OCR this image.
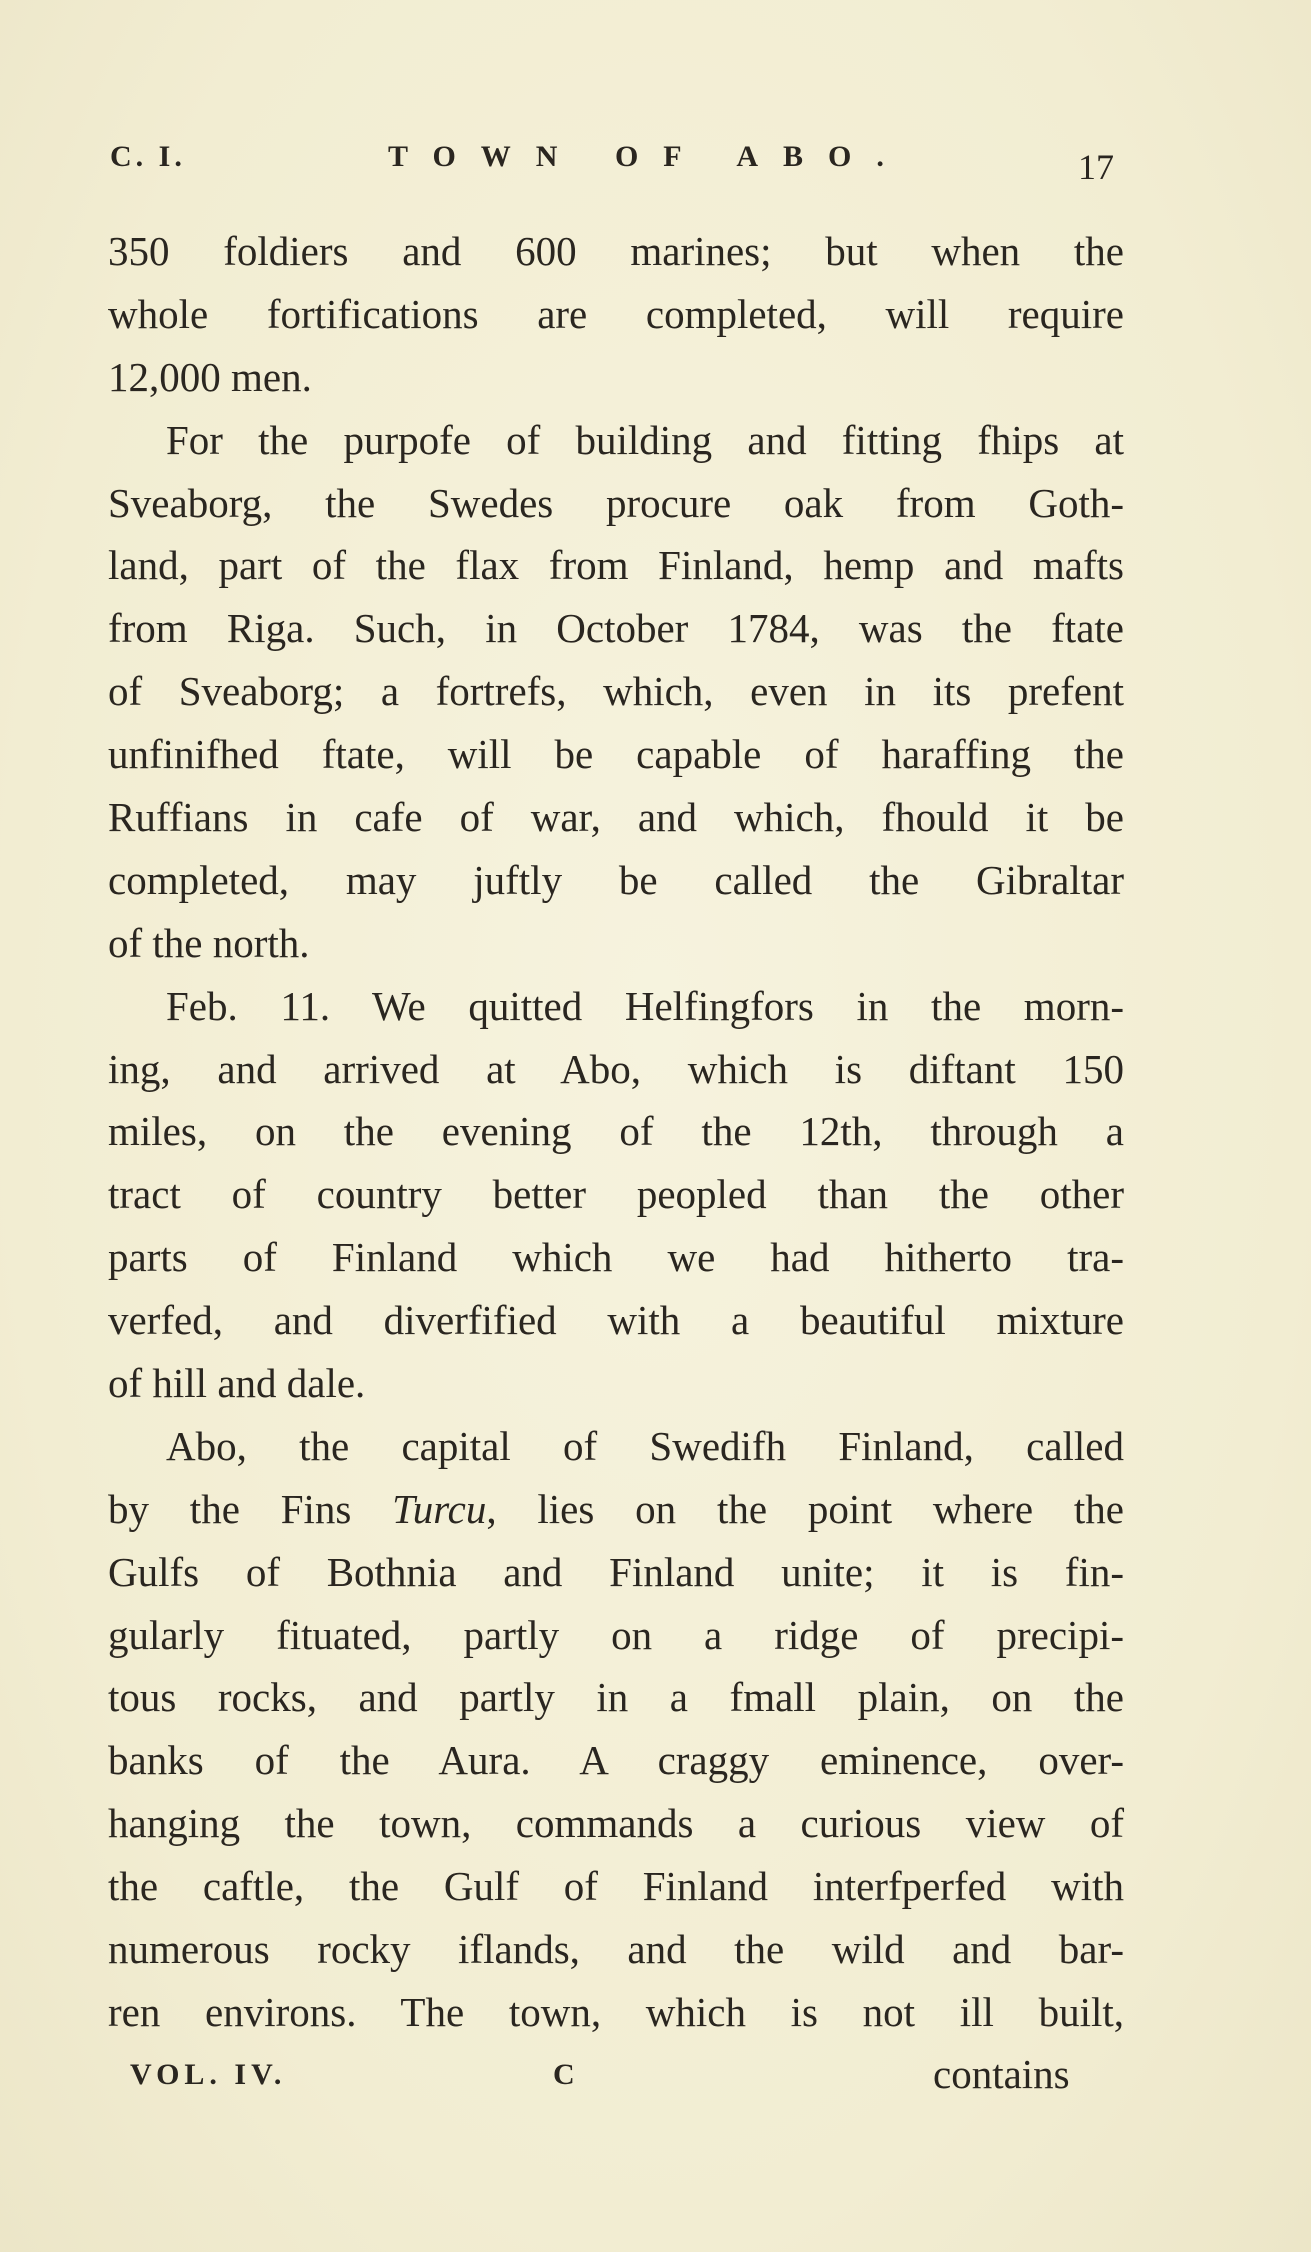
C. I.	TOWN OF ABO.	17
350 foldiers and 600 marines; but when the
whole fortifications are completed, will require
12,000 men.
For the purpofe of building and fitting fhips at
Sveaborg, the Swedes procure oak from Goth-
land, part of the flax from Finland, hemp and mafts
from Riga. Such, in October 1784, was the ftate
of Sveaborg; a fortrefs, which, even in its prefent
unfinifhed ftate, will be capable of haraffing the
Ruffians in cafe of war, and which, fhould it be
completed, may juftly be called the Gibraltar
of the north.
Feb. 11. We quitted Helfingfors in the morn-
ing, and arrived at Abo, which is diftant 150
miles, on the evening of the 12th, through a
tract of country better peopled than the other
parts of Finland which we had hitherto tra-
verfed, and diverfified with a beautiful mixture
of hill and dale.
Abo, the capital of Swedifh Finland, called
by the Fins Turcu, lies on the point where the
Gulfs of Bothnia and Finland unite; it is fin-
gularly fituated, partly on a ridge of precipi-
tous rocks, and partly in a fmall plain, on the
banks of the Aura. A craggy eminence, over-
hanging the town, commands a curious view of
the caftle, the Gulf of Finland interfperfed with
numerous rocky iflands, and the wild and bar-
ren environs. The town, which is not ill built,
VOL. IV.	C	contains
